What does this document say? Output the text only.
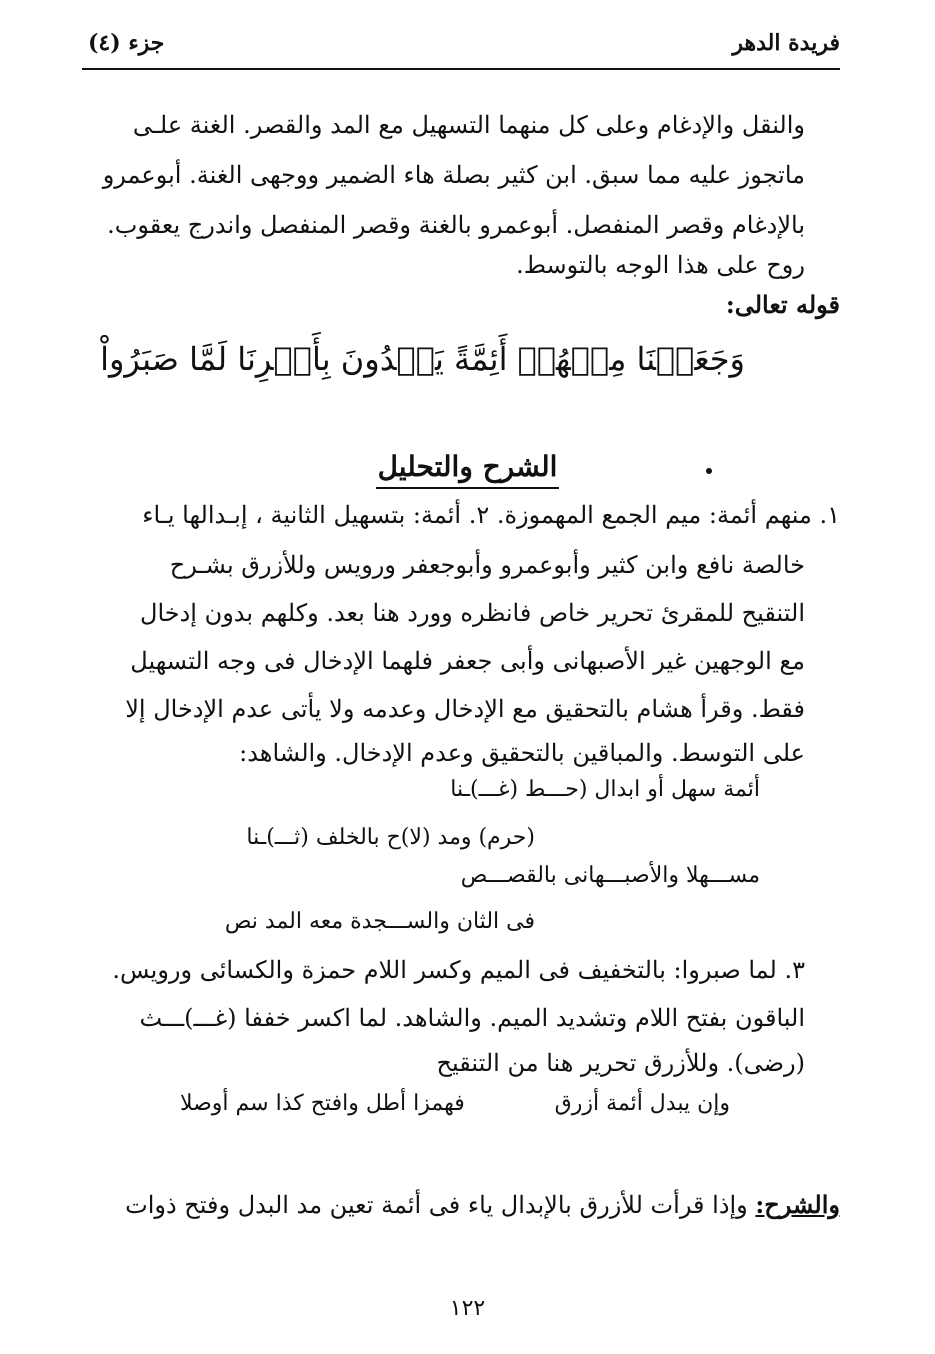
فريدة الدهر
جزء (٤)
والنقل والإدغام وعلى كل منهما التسهيل مع المد والقصر. الغنة علـى
ماتجوز عليه مما سبق. ابن كثير بصلة هاء الضمير ووجهى الغنة. أبوعمرو
بالإدغام وقصر المنفصل. أبوعمرو بالغنة وقصر المنفصل واندرج يعقوب.
روح على هذا الوجه بالتوسط.
قوله تعالى:
وَجَعَلۡنَا مِنۡهُمۡ أَئِمَّةً يَهۡدُونَ بِأَمۡرِنَا لَمَّا صَبَرُواْ
الشرح والتحليل
١. منهم أئمة: ميم الجمع المهموزة. ٢. أئمة: بتسهيل الثانية ، إبـدالها يـاء
خالصة نافع وابن كثير وأبوعمرو وأبوجعفر ورويس وللأزرق بشـرح
التنقيح للمقرئ تحرير خاص فانظره وورد هنا بعد. وكلهم بدون إدخال
مع الوجهين غير الأصبهانى وأبى جعفر فلهما الإدخال فى وجه التسهيل
فقط. وقرأ هشام بالتحقيق مع الإدخال وعدمه ولا يأتى عدم الإدخال إلا
على التوسط. والمباقين بالتحقيق وعدم الإدخال. والشاهد:
أئمة سهل أو ابدال (حـــط (غـــ)ـنا
(حرم) ومد (لا)ح بالخلف (ثـــ)ـنا
مســـهلا والأصبـــهانى بالقصـــص
فى الثان والســـجدة معه المد نص
٣. لما صبروا: بالتخفيف فى الميم وكسر اللام حمزة والكسائى ورويس.
الباقون بفتح اللام وتشديد الميم. والشاهد. لما اكسر خففا (غـــ)ـــث
(رضى). وللأزرق تحرير هنا من التنقيح
وإن يبدل أئمة أزرق
فهمزا أطل وافتح كذا سم أوصلا
والشرح: وإذا قرأت للأزرق بالإبدال ياء فى أئمة تعين مد البدل وفتح ذوات
١٢٢
